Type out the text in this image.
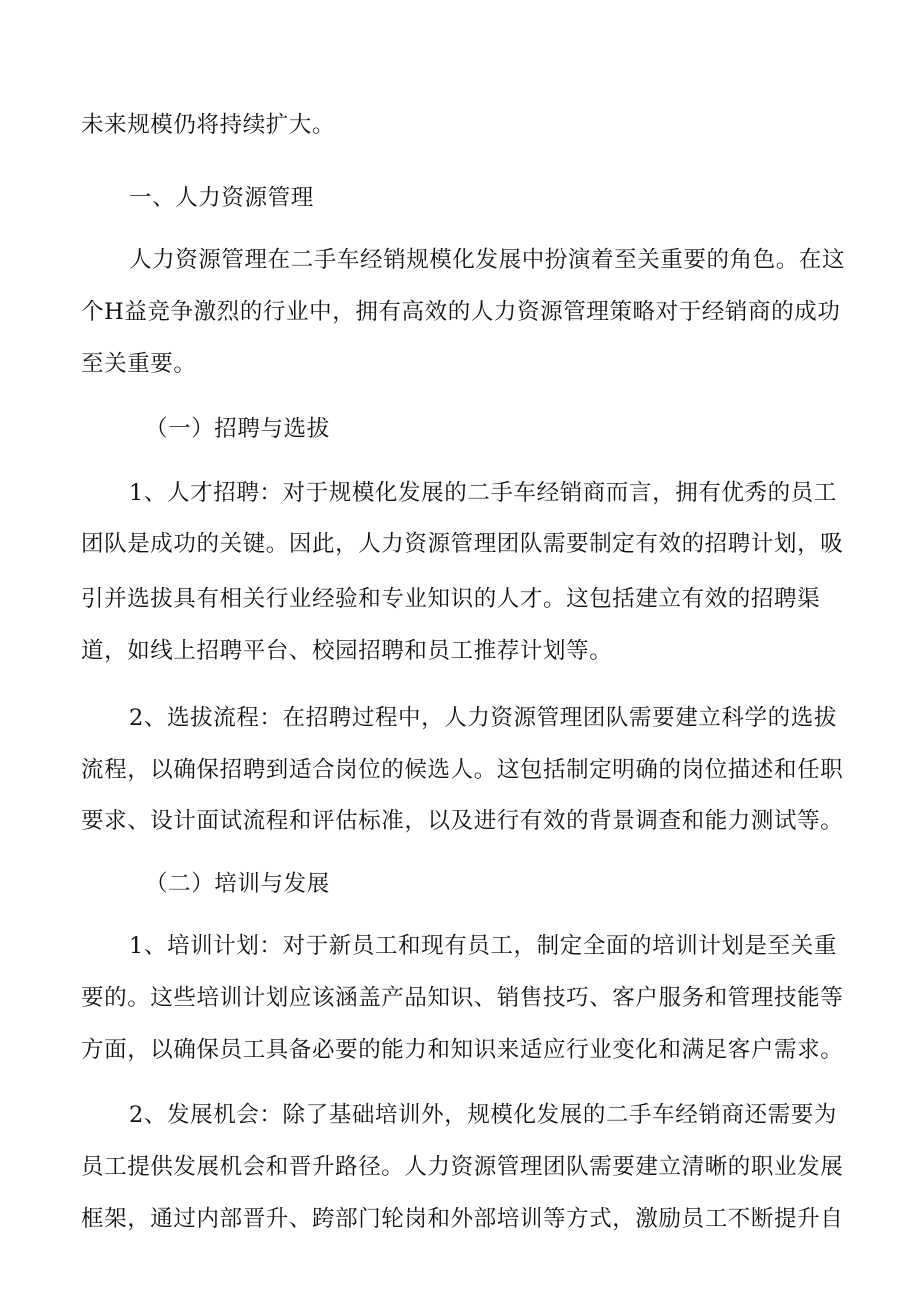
未来规模仍将持续扩大。
一、人力资源管理
人力资源管理在二手车经销规模化发展中扮演着至关重要的角色。在这
个H益竞争激烈的行业中，拥有高效的人力资源管理策略对于经销商的成功
至关重要。
（一）招聘与选拔
1、人才招聘：对于规模化发展的二手车经销商而言，拥有优秀的员工
团队是成功的关键。因此，人力资源管理团队需要制定有效的招聘计划，吸
引并选拔具有相关行业经验和专业知识的人才。这包括建立有效的招聘渠
道，如线上招聘平台、校园招聘和员工推荐计划等。
2、选拔流程：在招聘过程中，人力资源管理团队需要建立科学的选拔
流程，以确保招聘到适合岗位的候选人。这包括制定明确的岗位描述和任职
要求、设计面试流程和评估标准，以及进行有效的背景调查和能力测试等。
（二）培训与发展
1、培训计划：对于新员工和现有员工，制定全面的培训计划是至关重
要的。这些培训计划应该涵盖产品知识、销售技巧、客户服务和管理技能等
方面，以确保员工具备必要的能力和知识来适应行业变化和满足客户需求。
2、发展机会：除了基础培训外，规模化发展的二手车经销商还需要为
员工提供发展机会和晋升路径。人力资源管理团队需要建立清晰的职业发展
框架，通过内部晋升、跨部门轮岗和外部培训等方式，激励员工不断提升自
